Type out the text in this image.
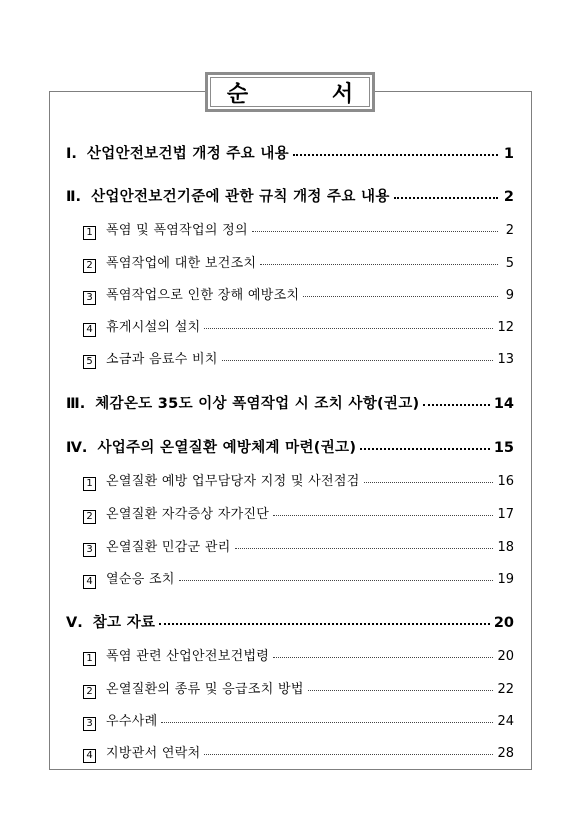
순 서
Ⅰ. 산업안전보건법 개정 주요 내용	1
Ⅱ. 산업안전보건기준에 관한 규칙 개정 주요 내용	2
1 폭염 및 폭염작업의 정의	2
2 폭염작업에 대한 보건조치	5
3 폭염작업으로 인한 장해 예방조치	9
4 휴게시설의 설치	12
5 소금과 음료수 비치	13
Ⅲ. 체감온도 35도 이상 폭염작업 시 조치 사항(권고)	14
Ⅳ. 사업주의 온열질환 예방체계 마련(권고)	15
1 온열질환 예방 업무담당자 지정 및 사전점검	16
2 온열질환 자각증상 자가진단	17
3 온열질환 민감군 관리	18
4 열순응 조치	19
Ⅴ. 참고 자료	20
1 폭염 관련 산업안전보건법령	20
2 온열질환의 종류 및 응급조치 방법	22
3 우수사례	24
4 지방관서 연락처	28
